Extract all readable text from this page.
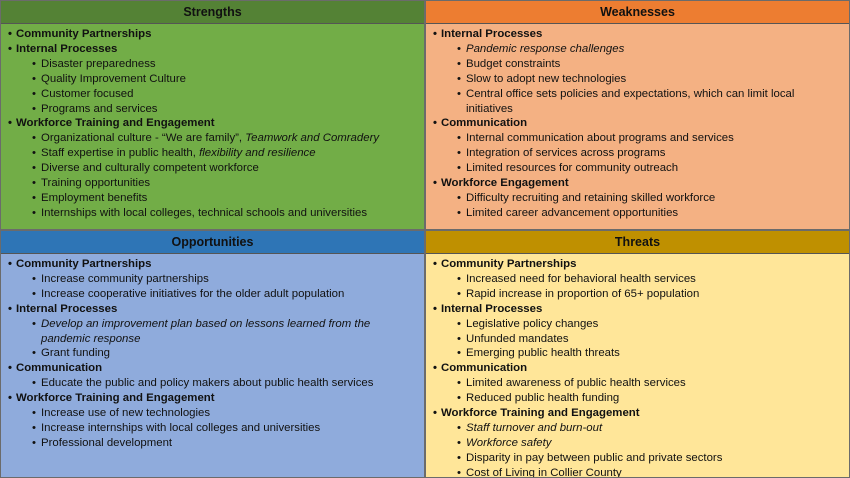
Strengths
• Community Partnerships
• Internal Processes
• Disaster preparedness
• Quality Improvement Culture
• Customer focused
• Programs and services
• Workforce Training and Engagement
• Organizational culture - “We are family”, Teamwork and Comradery
• Staff expertise in public health, flexibility and resilience
• Diverse and culturally competent workforce
• Training opportunities
• Employment benefits
• Internships with local colleges, technical schools and universities
Weaknesses
• Internal Processes
• Pandemic response challenges
• Budget constraints
• Slow to adopt new technologies
• Central office sets policies and expectations, which can limit local initiatives
• Communication
• Internal communication about programs and services
• Integration of services across programs
• Limited resources for community outreach
• Workforce Engagement
• Difficulty recruiting and retaining skilled workforce
• Limited career advancement opportunities
Opportunities
• Community Partnerships
• Increase community partnerships
• Increase cooperative initiatives for the older adult population
• Internal Processes
• Develop an improvement plan based on lessons learned from the pandemic response
• Grant funding
• Communication
• Educate the public and policy makers about public health services
• Workforce Training and Engagement
• Increase use of new technologies
• Increase internships with local colleges and universities
• Professional development
Threats
• Community Partnerships
• Increased need for behavioral health services
• Rapid increase in proportion of 65+ population
• Internal Processes
• Legislative policy changes
• Unfunded mandates
• Emerging public health threats
• Communication
• Limited awareness of public health services
• Reduced public health funding
• Workforce Training and Engagement
• Staff turnover and burn-out
• Workforce safety
• Disparity in pay between public and private sectors
• Cost of Living in Collier County
